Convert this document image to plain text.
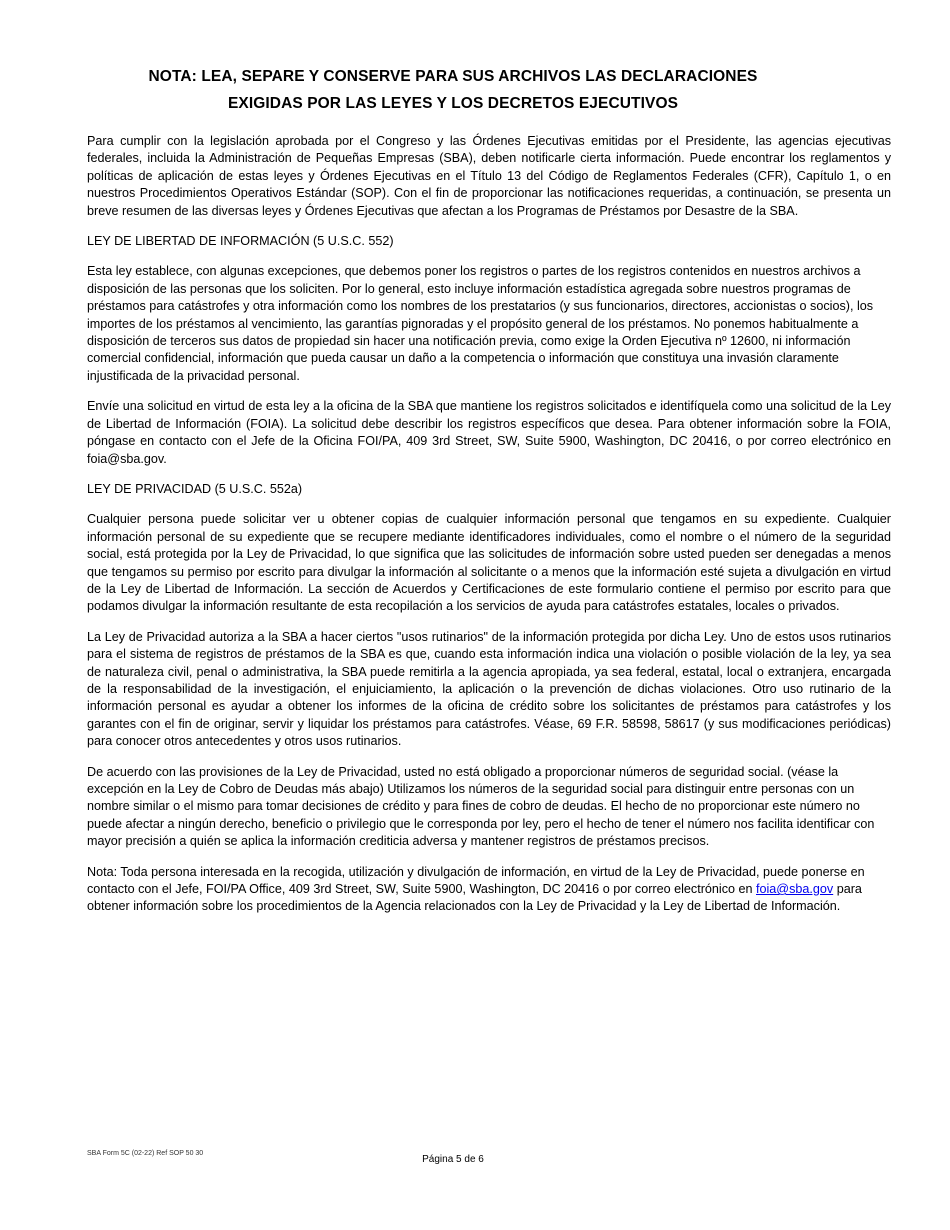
NOTA: LEA, SEPARE Y CONSERVE PARA SUS ARCHIVOS LAS DECLARACIONES
EXIGIDAS POR LAS LEYES Y LOS DECRETOS EJECUTIVOS

Para cumplir con la legislación aprobada por el Congreso y las Órdenes Ejecutivas emitidas por el Presidente, las agencias ejecutivas federales, incluida la Administración de Pequeñas Empresas (SBA), deben notificarle cierta información. Puede encontrar los reglamentos y políticas de aplicación de estas leyes y Órdenes Ejecutivas en el Título 13 del Código de Reglamentos Federales (CFR), Capítulo 1, o en nuestros Procedimientos Operativos Estándar (SOP). Con el fin de proporcionar las notificaciones requeridas, a continuación, se presenta un breve resumen de las diversas leyes y Órdenes Ejecutivas que afectan a los Programas de Préstamos por Desastre de la SBA.

LEY DE LIBERTAD DE INFORMACIÓN (5 U.S.C. 552)

Esta ley establece, con algunas excepciones, que debemos poner los registros o partes de los registros contenidos en nuestros archivos a disposición de las personas que los soliciten. Por lo general, esto incluye información estadística agregada sobre nuestros programas de préstamos para catástrofes y otra información como los nombres de los prestatarios (y sus funcionarios, directores, accionistas o socios), los importes de los préstamos al vencimiento, las garantías pignoradas y el propósito general de los préstamos. No ponemos habitualmente a disposición de terceros sus datos de propiedad sin hacer una notificación previa, como exige la Orden Ejecutiva nº 12600, ni información comercial confidencial, información que pueda causar un daño a la competencia o información que constituya una invasión claramente injustificada de la privacidad personal.

Envíe una solicitud en virtud de esta ley a la oficina de la SBA que mantiene los registros solicitados e identifíquela como una solicitud de la Ley de Libertad de Información (FOIA). La solicitud debe describir los registros específicos que desea. Para obtener información sobre la FOIA, póngase en contacto con el Jefe de la Oficina FOI/PA, 409 3rd Street, SW, Suite 5900, Washington, DC 20416, o por correo electrónico en foia@sba.gov.

LEY DE PRIVACIDAD (5 U.S.C. 552a)

Cualquier persona puede solicitar ver u obtener copias de cualquier información personal que tengamos en su expediente. Cualquier información personal de su expediente que se recupere mediante identificadores individuales, como el nombre o el número de la seguridad social, está protegida por la Ley de Privacidad, lo que significa que las solicitudes de información sobre usted pueden ser denegadas a menos que tengamos su permiso por escrito para divulgar la información al solicitante o a menos que la información esté sujeta a divulgación en virtud de la Ley de Libertad de Información. La sección de Acuerdos y Certificaciones de este formulario contiene el permiso por escrito para que podamos divulgar la información resultante de esta recopilación a los servicios de ayuda para catástrofes estatales, locales o privados.

La Ley de Privacidad autoriza a la SBA a hacer ciertos "usos rutinarios" de la información protegida por dicha Ley. Uno de estos usos rutinarios para el sistema de registros de préstamos de la SBA es que, cuando esta información indica una violación o posible violación de la ley, ya sea de naturaleza civil, penal o administrativa, la SBA puede remitirla a la agencia apropiada, ya sea federal, estatal, local o extranjera, encargada de la responsabilidad de la investigación, el enjuiciamiento, la aplicación o la prevención de dichas violaciones. Otro uso rutinario de la información personal es ayudar a obtener los informes de la oficina de crédito sobre los solicitantes de préstamos para catástrofes y los garantes con el fin de originar, servir y liquidar los préstamos para catástrofes. Véase, 69 F.R. 58598, 58617 (y sus modificaciones periódicas) para conocer otros antecedentes y otros usos rutinarios.

De acuerdo con las provisiones de la Ley de Privacidad, usted no está obligado a proporcionar números de seguridad social. (véase la excepción en la Ley de Cobro de Deudas más abajo) Utilizamos los números de la seguridad social para distinguir entre personas con un nombre similar o el mismo para tomar decisiones de crédito y para fines de cobro de deudas. El hecho de no proporcionar este número no puede afectar a ningún derecho, beneficio o privilegio que le corresponda por ley, pero el hecho de tener el número nos facilita identificar con mayor precisión a quién se aplica la información crediticia adversa y mantener registros de préstamos precisos.

Nota: Toda persona interesada en la recogida, utilización y divulgación de información, en virtud de la Ley de Privacidad, puede ponerse en contacto con el Jefe, FOI/PA Office, 409 3rd Street, SW, Suite 5900, Washington, DC 20416 o por correo electrónico en foia@sba.gov para obtener información sobre los procedimientos de la Agencia relacionados con la Ley de Privacidad y la Ley de Libertad de Información.

SBA Form 5C (02-22) Ref SOP 50 30
Página 5 de 6
